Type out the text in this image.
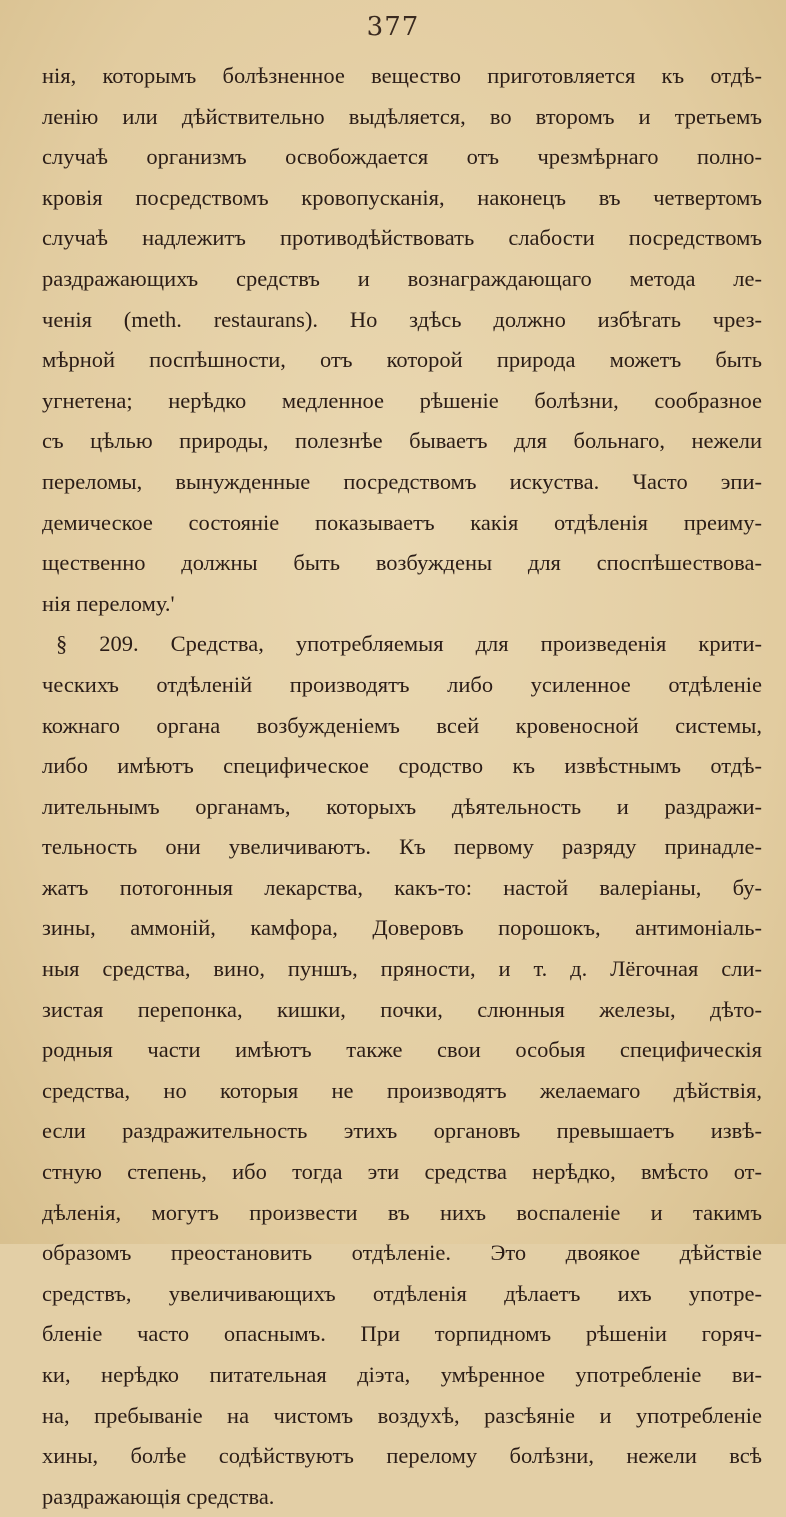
377
нія, которымъ болѣзненное вещество приготовляется къ отдѣ-
ленію или дѣйствительно выдѣляется, во второмъ и третьемъ
случаѣ организмъ освобождается отъ чрезмѣрнаго полно-
кровія посредствомъ кровопусканія, наконецъ въ четвертомъ
случаѣ надлежитъ противодѣйствовать слабости посредствомъ
раздражающихъ средствъ и вознаграждающаго метода ле-
ченія (meth. restaurans). Но здѣсь должно избѣгать чрез-
мѣрной поспѣшности, отъ которой природа можетъ быть
угнетена; нерѣдко медленное рѣшеніе болѣзни, сообразное
съ цѣлью природы, полезнѣе бываетъ для больнаго, нежели
переломы, вынужденные посредствомъ искуства. Часто эпи-
демическое состояніе показываетъ какія отдѣленія преиму-
щественно должны быть возбуждены для споспѣшествова-
нія перелому.'
§ 209. Средства, употребляемыя для произведенія крити-
ческихъ отдѣленій производятъ либо усиленное отдѣленіе
кожнаго органа возбужденіемъ всей кровеносной системы,
либо имѣютъ специфическое сродство къ извѣстнымъ отдѣ-
лительнымъ органамъ, которыхъ дѣятельность и раздражи-
тельность они увеличиваютъ. Къ первому разряду принадле-
жатъ потогонныя лекарства, какъ-то: настой валеріаны, бу-
зины, аммоній, камфора, Доверовъ порошокъ, антимоніаль-
ныя средства, вино, пуншъ, пряности, и т. д. Лёгочная сли-
зистая перепонка, кишки, почки, слюнныя железы, дѣто-
родныя части имѣютъ также свои особыя специфическія
средства, но которыя не производятъ желаемаго дѣйствія,
если раздражительность этихъ органовъ превышаетъ извѣ-
стную степень, ибо тогда эти средства нерѣдко, вмѣсто от-
дѣленія, могутъ произвести въ нихъ воспаленіе и такимъ
образомъ преостановить отдѣленіе. Это двоякое дѣйствіе
средствъ, увеличивающихъ отдѣленія дѣлаетъ ихъ употре-
бленіе часто опаснымъ. При торпидномъ рѣшеніи горяч-
ки, нерѣдко питательная діэта, умѣренное употребленіе ви-
на, пребываніе на чистомъ воздухѣ, разсѣяніе и употребленіе
хины, болѣе содѣйствуютъ перелому болѣзни, нежели всѣ
раздражающія средства.
